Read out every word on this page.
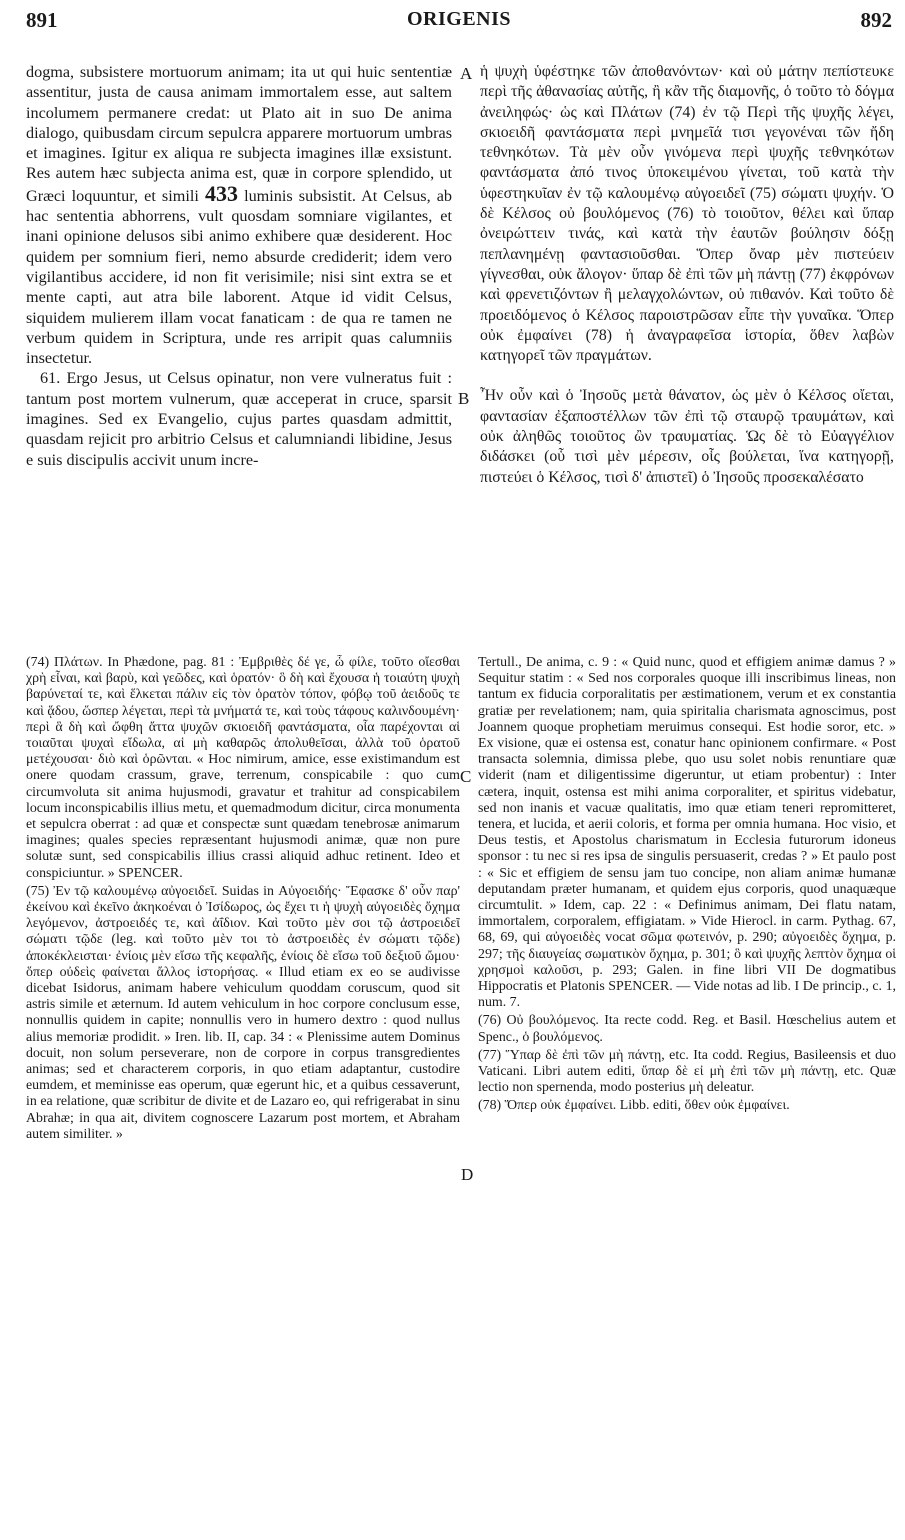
891	ORIGENIS	892

dogma, subsistere mortuorum animam; ita ut qui huic sententiæ assentitur, justa de causa animam immortalem esse, aut saltem incolumem permanere credat: ut Plato ait in suo De anima dialogo, quibusdam circum sepulcra apparere mortuorum umbras et imagines. Igitur ex aliqua re subjecta imagines illæ exsistunt. Res autem hæc subjecta anima est, quæ in corpore splendido, ut Græci loquuntur, et simili 433 luminis subsistit. At Celsus, ab hac sententia abhorrens, vult quosdam somniare vigilantes, et inani opinione delusos sibi animo exhibere quæ desiderent. Hoc quidem per somnium fieri, nemo absurde crediderit; idem vero vigilantibus accidere, id non fit verisimile; nisi sint extra se et mente capti, aut atra bile laborent. Atque id vidit Celsus, siquidem mulierem illam vocat fanaticam : de qua re tamen ne verbum quidem in Scriptura, unde res arripit quas calumniis insectetur.

61. Ergo Jesus, ut Celsus opinatur, non vere vulneratus fuit : tantum post mortem vulnerum, quæ acceperat in cruce, sparsit imagines. Sed ex Evangelio, cujus partes quasdam admittit, quasdam rejicit pro arbitrio Celsus et calumniandi libidine, Jesus e suis discipulis accivit unum incre-

ἡ ψυχὴ ὑφέστηκε τῶν ἀποθανόντων· καὶ οὐ μάτην πεπίστευκε περὶ τῆς ἀθανασίας αὐτῆς, ἢ κἂν τῆς διαμονῆς, ὁ τοῦτο τὸ δόγμα ἀνειληφώς· ὡς καὶ Πλάτων (74) ἐν τῷ Περὶ τῆς ψυχῆς λέγει, σκιοειδῆ φαντάσματα περὶ μνημεῖά τισι γεγονέναι τῶν ἤδη τεθνηκότων. Τὰ μὲν οὖν γινόμενα περὶ ψυχῆς τεθνηκότων φαντάσματα ἀπό τινος ὑποκειμένου γίνεται, τοῦ κατὰ τὴν ὑφεστηκυῖαν ἐν τῷ καλουμένῳ αὐγοειδεῖ (75) σώματι ψυχήν. Ὁ δὲ Κέλσος οὐ βουλόμενος (76) τὸ τοιοῦτον, θέλει καὶ ὕπαρ ὀνειρώττειν τινάς, καὶ κατὰ τὴν ἑαυτῶν βούλησιν δόξῃ πεπλανημένῃ φαντασιοῦσθαι. Ὅπερ ὄναρ μὲν πιστεύειν γίγνεσθαι, οὐκ ἄλογον· ὕπαρ δὲ ἐπὶ τῶν μὴ πάντῃ (77) ἐκφρόνων καὶ φρενετιζόντων ἢ μελαγχολώντων, οὐ πιθανόν. Καὶ τοῦτο δὲ προειδόμενος ὁ Κέλσος παροιστρῶσαν εἶπε τὴν γυναῖκα. Ὅπερ οὐκ ἐμφαίνει (78) ἡ ἀναγραφεῖσα ἱστορία, ὅθεν λαβὼν κατηγορεῖ τῶν πραγμάτων.

Ἦν οὖν καὶ ὁ Ἰησοῦς μετὰ θάνατον, ὡς μὲν ὁ Κέλσος οἴεται, φαντασίαν ἐξαποστέλλων τῶν ἐπὶ τῷ σταυρῷ τραυμάτων, καὶ οὐκ ἀληθῶς τοιοῦτος ὢν τραυματίας. Ὡς δὲ τὸ Εὐαγγέλιον διδάσκει (οὗ τισὶ μὲν μέρεσιν, οἷς βούλεται, ἵνα κατηγορῇ, πιστεύει ὁ Κέλσος, τισὶ δ' ἀπιστεῖ) ὁ Ἰησοῦς προσεκαλέσατο

A
B
C
D

(74) Πλάτων. In Phædone, pag. 81 : Ἐμβριθὲς δέ γε, ὦ φίλε, τοῦτο οἴεσθαι χρὴ εἶναι, καὶ βαρὺ, καὶ γεῶδες, καὶ ὁρατόν· ὃ δὴ καὶ ἔχουσα ἡ τοιαύτη ψυχὴ βαρύνεταί τε, καὶ ἕλκεται πάλιν εἰς τὸν ὁρατὸν τόπον, φόβῳ τοῦ ἀειδοῦς τε καὶ ᾅδου, ὥσπερ λέγεται, περὶ τὰ μνήματά τε, καὶ τοὺς τάφους καλινδουμένη· περὶ ἃ δὴ καὶ ὤφθη ἄττα ψυχῶν σκιοειδῆ φαντάσματα, οἷα παρέχονται αἱ τοιαῦται ψυχαὶ εἴδωλα, αἱ μὴ καθαρῶς ἀπολυθεῖσαι, ἀλλὰ τοῦ ὁρατοῦ μετέχουσαι· διὸ καὶ ὁρῶνται. « Hoc nimirum, amice, esse existimandum est onere quodam crassum, grave, terrenum, conspicabile : quo cum circumvoluta sit anima hujusmodi, gravatur et trahitur ad conspicabilem locum inconspicabilis illius metu, et quemadmodum dicitur, circa monumenta et sepulcra oberrat : ad quæ et conspectæ sunt quædam tenebrosæ animarum imagines; quales species repræsentant hujusmodi animæ, quæ non pure solutæ sunt, sed conspicabilis illius crassi aliquid adhuc retinent. Ideo et conspiciuntur. » SPENCER.

(75) Ἐν τῷ καλουμένῳ αὐγοειδεῖ. Suidas in Αὐγοειδής· Ἔφασκε δ' οὖν παρ' ἐκείνου καὶ ἐκεῖνο ἀκηκοέναι ὁ Ἰσίδωρος, ὡς ἔχει τι ἡ ψυχὴ αὐγοειδὲς ὄχημα λεγόμενον, ἀστροειδές τε, καὶ ἀΐδιον. Καὶ τοῦτο μὲν σοι τῷ ἀστροειδεῖ σώματι τῷδε (leg. καὶ τοῦτο μὲν τοι τὸ ἀστροειδὲς ἐν σώματι τῷδε) ἀποκέκλεισται· ἐνίοις μὲν εἴσω τῆς κεφαλῆς, ἐνίοις δὲ εἴσω τοῦ δεξιοῦ ὤμου· ὅπερ οὐδεὶς φαίνεται ἄλλος ἱστορήσας. « Illud etiam ex eo se audivisse dicebat Isidorus, animam habere vehiculum quoddam coruscum, quod sit astris simile et æternum. Id autem vehiculum in hoc corpore conclusum esse, nonnullis quidem in capite; nonnullis vero in humero dextro : quod nullus alius memoriæ prodidit. » Iren. lib. II, cap. 34 : « Plenissime autem Dominus docuit, non solum perseverare, non de corpore in corpus transgredientes animas; sed et characterem corporis, in quo etiam adaptantur, custodire eumdem, et meminisse eas operum, quæ egerunt hic, et a quibus cessaverunt, in ea relatione, quæ scribitur de divite et de Lazaro eo, qui refrigerabat in sinu Abrahæ; in qua ait, divitem cognoscere Lazarum post mortem, et Abraham autem similiter. »

Tertull., De anima, c. 9 : « Quid nunc, quod et effigiem animæ damus ? » Sequitur statim : « Sed nos corporales quoque illi inscribimus lineas, non tantum ex fiducia corporalitatis per æstimationem, verum et ex constantia gratiæ per revelationem; nam, quia spiritalia charismata agnoscimus, post Joannem quoque prophetiam meruimus consequi. Est hodie soror, etc. » Ex visione, quæ ei ostensa est, conatur hanc opinionem confirmare. « Post transacta solemnia, dimissa plebe, quo usu solet nobis renuntiare quæ viderit (nam et diligentissime digeruntur, ut etiam probentur) : Inter cætera, inquit, ostensa est mihi anima corporaliter, et spiritus videbatur, sed non inanis et vacuæ qualitatis, imo quæ etiam teneri repromitteret, tenera, et lucida, et aerii coloris, et forma per omnia humana. Hoc visio, et Deus testis, et Apostolus charismatum in Ecclesia futurorum idoneus sponsor : tu nec si res ipsa de singulis persuaserit, credas ? » Et paulo post : « Sic et effigiem de sensu jam tuo concipe, non aliam animæ humanæ deputandam præter humanam, et quidem ejus corporis, quod unaquæque circumtulit. » Idem, cap. 22 : « Definimus animam, Dei flatu natam, immortalem, corporalem, effigiatam. » Vide Hierocl. in carm. Pythag. 67, 68, 69, qui αὐγοειδὲς vocat σῶμα φωτεινόν, p. 290; αὐγοειδὲς ὄχημα, p. 297; τῆς διαυγείας σωματικὸν ὄχημα, p. 301; ὃ καὶ ψυχῆς λεπτὸν ὄχημα οἱ χρησμοὶ καλοῦσι, p. 293; Galen. in fine libri VII De dogmatibus Hippocratis et Platonis SPENCER. — Vide notas ad lib. I De princip., c. 1, num. 7.

(76) Οὐ βουλόμενος. Ita recte codd. Reg. et Basil. Hœschelius autem et Spenc., ὁ βουλόμενος.

(77) Ὕπαρ δὲ ἐπὶ τῶν μὴ πάντῃ, etc. Ita codd. Regius, Basileensis et duo Vaticani. Libri autem editi, ὕπαρ δὲ εἰ μὴ ἐπὶ τῶν μὴ πάντῃ, etc. Quæ lectio non spernenda, modo posterius μὴ deleatur.

(78) Ὅπερ οὐκ ἐμφαίνει. Libb. editi, ὅθεν οὐκ ἐμφαίνει.
